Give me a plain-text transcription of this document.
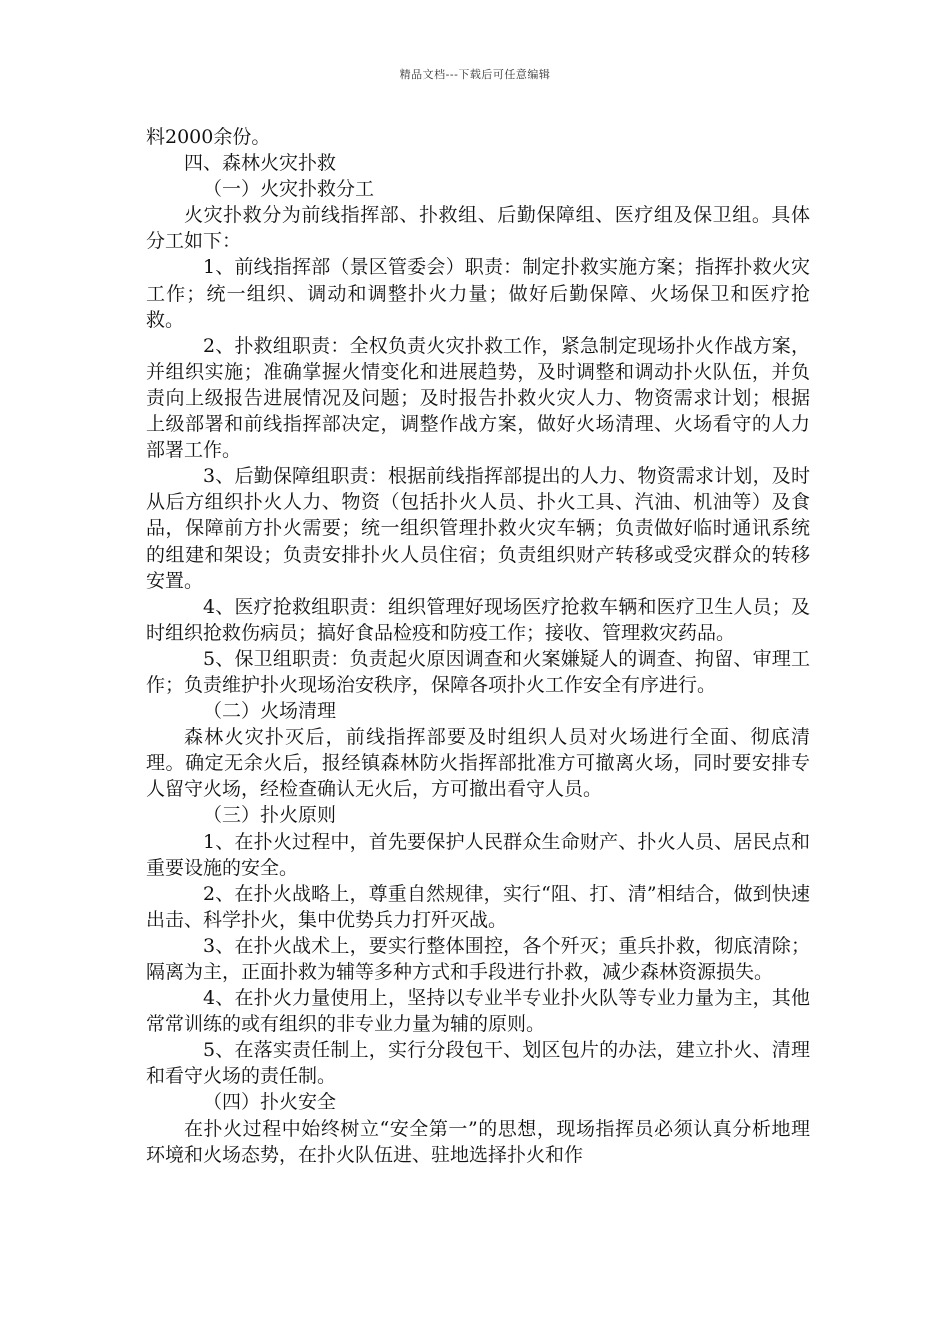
精品文档---下载后可任意编辑

料2000余份。

四、森林火灾扑救

（一）火灾扑救分工

火灾扑救分为前线指挥部、扑救组、后勤保障组、医疗组及保卫组。具体分工如下：

1、前线指挥部（景区管委会）职责：制定扑救实施方案；指挥扑救火灾工作；统一组织、调动和调整扑火力量；做好后勤保障、火场保卫和医疗抢救。

2、扑救组职责：全权负责火灾扑救工作，紧急制定现场扑火作战方案，并组织实施；准确掌握火情变化和进展趋势，及时调整和调动扑火队伍，并负责向上级报告进展情况及问题；及时报告扑救火灾人力、物资需求计划；根据上级部署和前线指挥部决定，调整作战方案，做好火场清理、火场看守的人力部署工作。

3、后勤保障组职责：根据前线指挥部提出的人力、物资需求计划，及时从后方组织扑火人力、物资（包括扑火人员、扑火工具、汽油、机油等）及食品，保障前方扑火需要；统一组织管理扑救火灾车辆；负责做好临时通讯系统的组建和架设；负责安排扑火人员住宿；负责组织财产转移或受灾群众的转移安置。

4、医疗抢救组职责：组织管理好现场医疗抢救车辆和医疗卫生人员；及时组织抢救伤病员；搞好食品检疫和防疫工作；接收、管理救灾药品。

5、保卫组职责：负责起火原因调查和火案嫌疑人的调查、拘留、审理工作；负责维护扑火现场治安秩序，保障各项扑火工作安全有序进行。

（二）火场清理

森林火灾扑灭后，前线指挥部要及时组织人员对火场进行全面、彻底清理。确定无余火后，报经镇森林防火指挥部批准方可撤离火场，同时要安排专人留守火场，经检查确认无火后，方可撤出看守人员。

（三）扑火原则

1、在扑火过程中，首先要保护人民群众生命财产、扑火人员、居民点和重要设施的安全。

2、在扑火战略上，尊重自然规律，实行“阻、打、清”相结合，做到快速出击、科学扑火，集中优势兵力打歼灭战。

3、在扑火战术上，要实行整体围控，各个歼灭；重兵扑救，彻底清除；隔离为主，正面扑救为辅等多种方式和手段进行扑救，减少森林资源损失。

4、在扑火力量使用上，坚持以专业半专业扑火队等专业力量为主，其他常常训练的或有组织的非专业力量为辅的原则。

5、在落实责任制上，实行分段包干、划区包片的办法，建立扑火、清理和看守火场的责任制。

（四）扑火安全

在扑火过程中始终树立“安全第一”的思想，现场指挥员必须认真分析地理环境和火场态势，在扑火队伍进、驻地选择扑火和作
